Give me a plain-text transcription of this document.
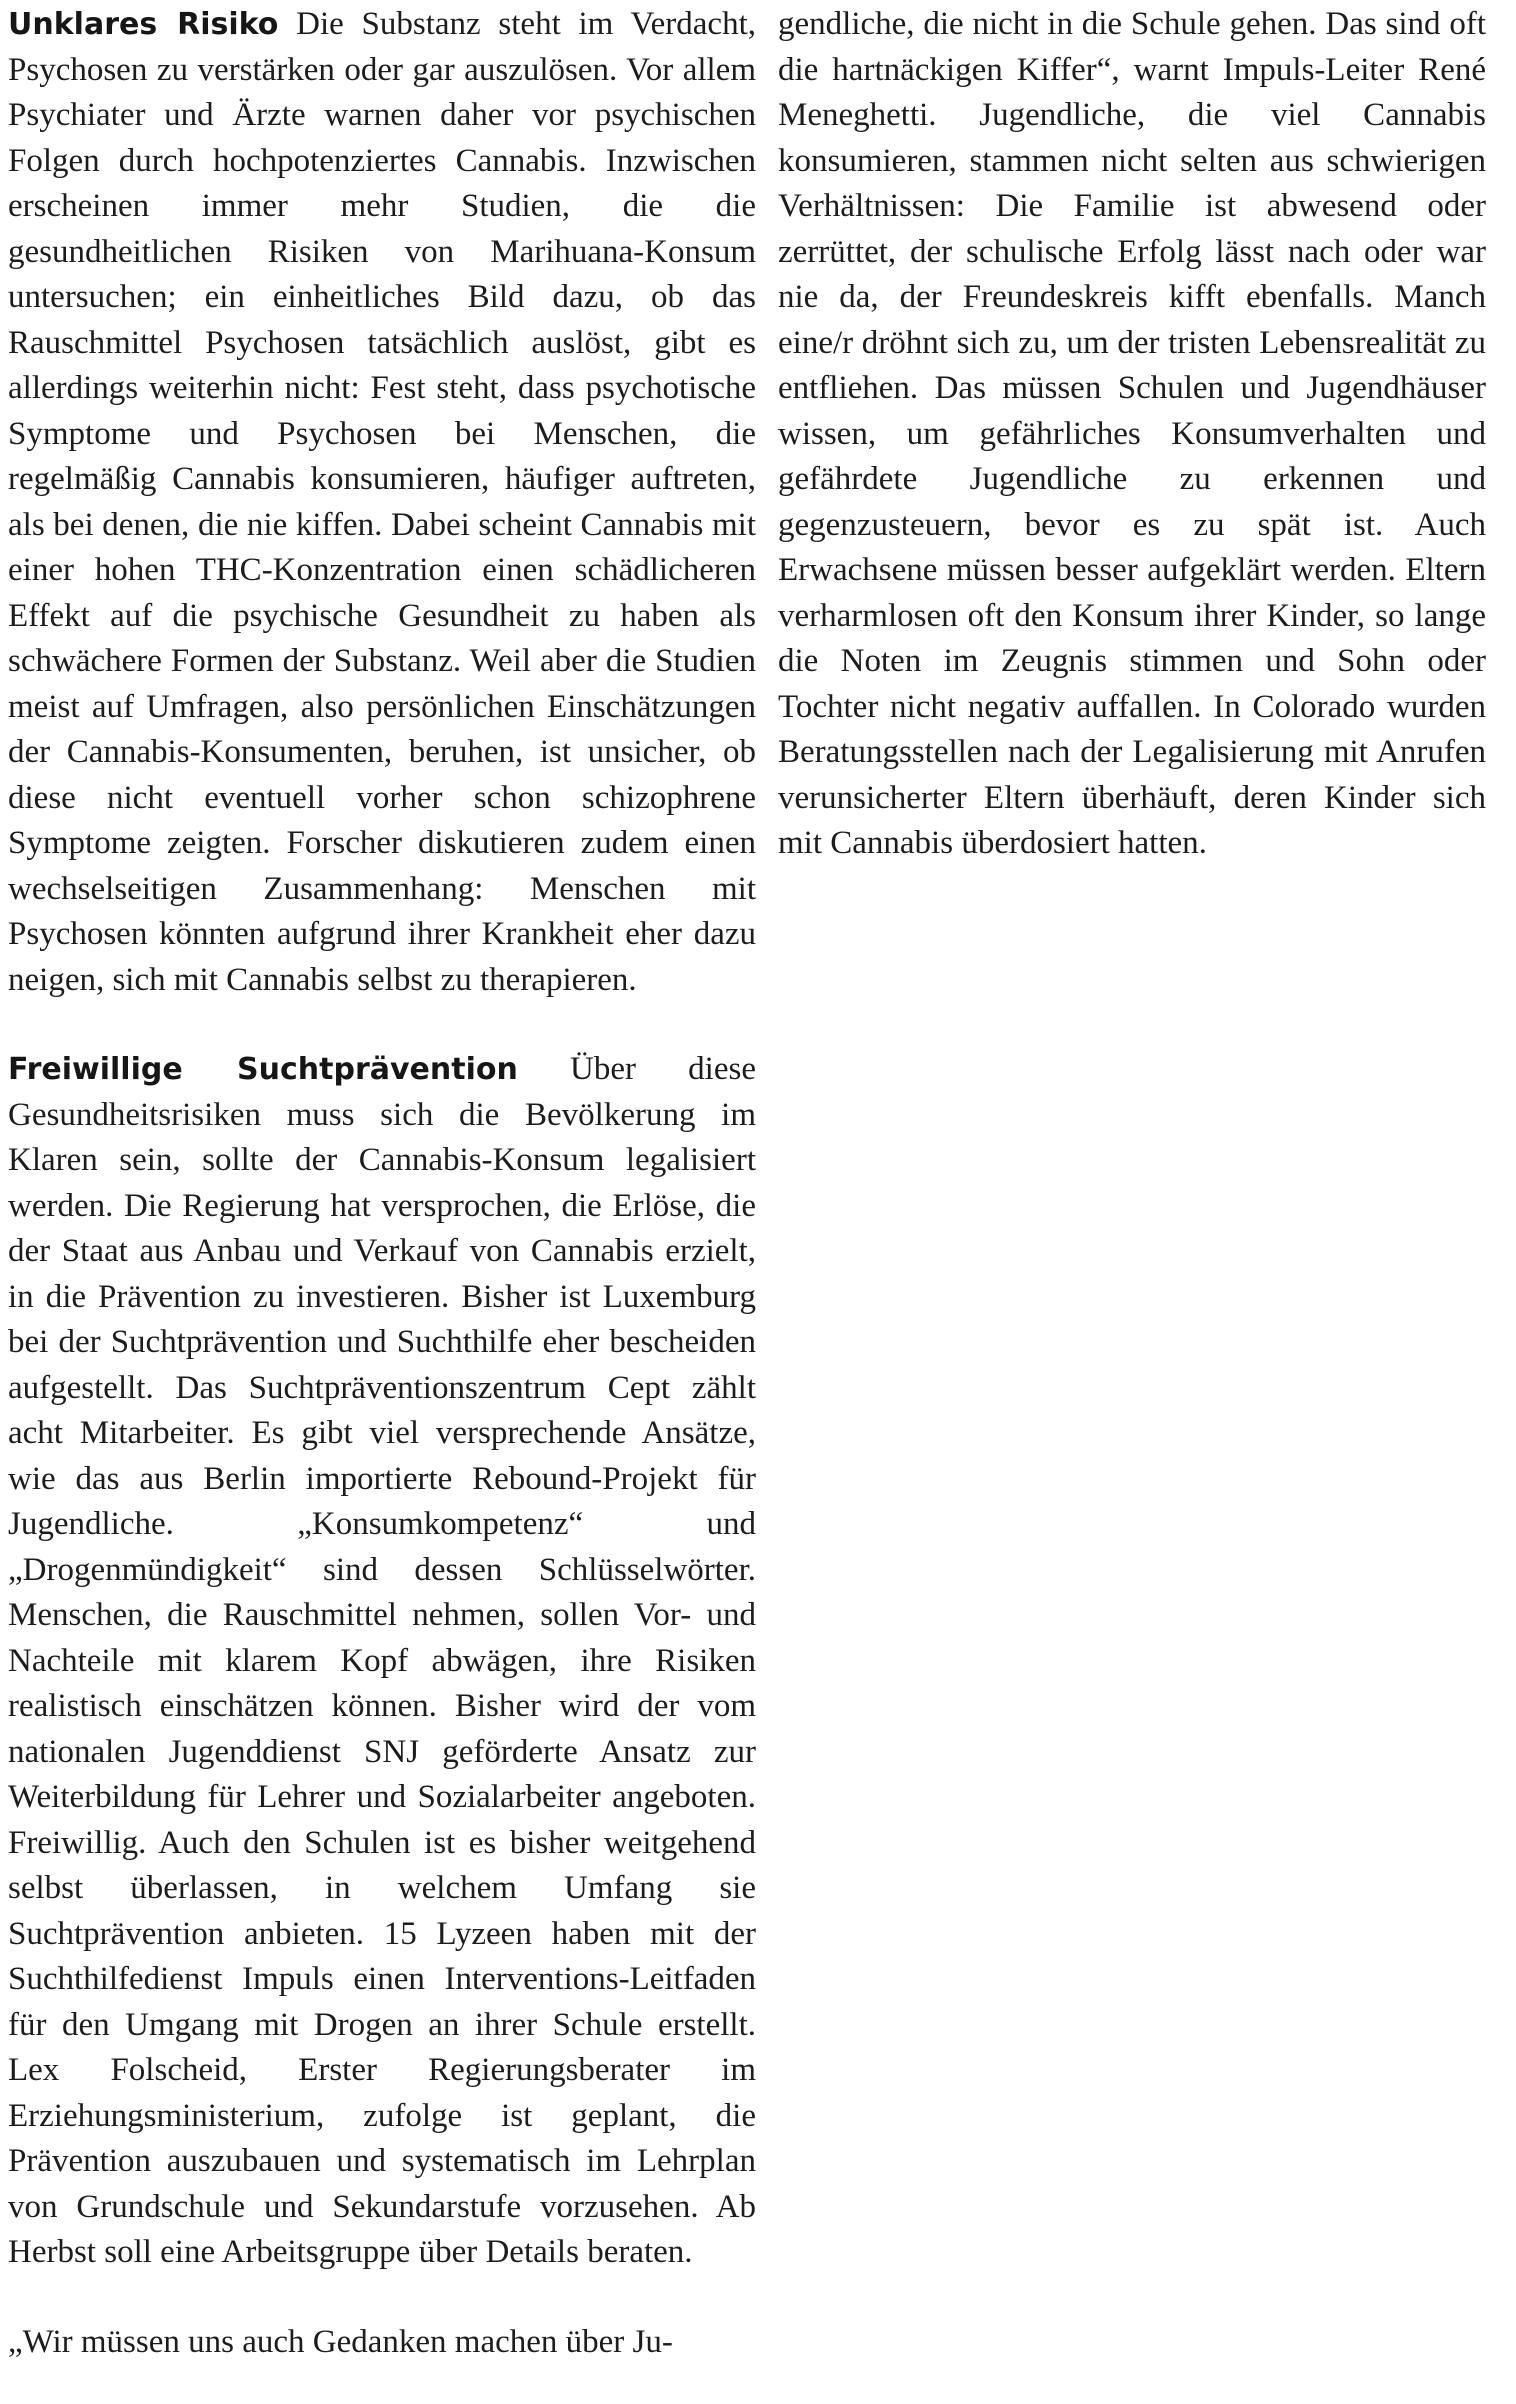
Unklares Risiko Die Substanz steht im Verdacht, Psychosen zu verstärken oder gar auszulösen. Vor allem Psychiater und Ärzte warnen daher vor psychischen Folgen durch hochpotenziertes Cannabis. Inzwischen erscheinen immer mehr Studien, die die gesundheitlichen Risiken von Marihuana-Konsum untersuchen; ein einheitliches Bild dazu, ob das Rauschmittel Psychosen tatsächlich auslöst, gibt es allerdings weiterhin nicht: Fest steht, dass psychotische Symptome und Psychosen bei Menschen, die regelmäßig Cannabis konsumieren, häufiger auftreten, als bei denen, die nie kiffen. Dabei scheint Cannabis mit einer hohen THC-Konzentration einen schädlicheren Effekt auf die psychische Gesundheit zu haben als schwächere Formen der Substanz. Weil aber die Studien meist auf Umfragen, also persönlichen Einschätzungen der Cannabis-Konsumenten, beruhen, ist unsicher, ob diese nicht eventuell vorher schon schizophrene Symptome zeigten. Forscher diskutieren zudem einen wechselseitigen Zusammenhang: Menschen mit Psychosen könnten aufgrund ihrer Krankheit eher dazu neigen, sich mit Cannabis selbst zu therapieren.

Freiwillige Suchtprävention Über diese Gesundheitsrisiken muss sich die Bevölkerung im Klaren sein, sollte der Cannabis-Konsum legalisiert werden. Die Regierung hat versprochen, die Erlöse, die der Staat aus Anbau und Verkauf von Cannabis erzielt, in die Prävention zu investieren. Bisher ist Luxemburg bei der Suchtprävention und Suchthilfe eher bescheiden aufgestellt. Das Suchtpräventionszentrum Cept zählt acht Mitarbeiter. Es gibt viel versprechende Ansätze, wie das aus Berlin importierte Rebound-Projekt für Jugendliche. „Konsumkompetenz“ und „Drogenmündigkeit“ sind dessen Schlüsselwörter. Menschen, die Rauschmittel nehmen, sollen Vor- und Nachteile mit klarem Kopf abwägen, ihre Risiken realistisch einschätzen können. Bisher wird der vom nationalen Jugenddienst SNJ geförderte Ansatz zur Weiterbildung für Lehrer und Sozialarbeiter angeboten. Freiwillig. Auch den Schulen ist es bisher weitgehend selbst überlassen, in welchem Umfang sie Suchtprävention anbieten. 15 Lyzeen haben mit der Suchthilfedienst Impuls einen Interventions-Leitfaden für den Umgang mit Drogen an ihrer Schule erstellt. Lex Folscheid, Erster Regierungsberater im Erziehungsministerium, zufolge ist geplant, die Prävention auszubauen und systematisch im Lehrplan von Grundschule und Sekundarstufe vorzusehen. Ab Herbst soll eine Arbeitsgruppe über Details beraten.

„Wir müssen uns auch Gedanken machen über Ju-

gendliche, die nicht in die Schule gehen. Das sind oft die hartnäckigen Kiffer“, warnt Impuls-Leiter René Meneghetti. Jugendliche, die viel Cannabis konsumieren, stammen nicht selten aus schwierigen Verhältnissen: Die Familie ist abwesend oder zerrüttet, der schulische Erfolg lässt nach oder war nie da, der Freundeskreis kifft ebenfalls. Manch eine/r dröhnt sich zu, um der tristen Lebensrealität zu entfliehen. Das müssen Schulen und Jugendhäuser wissen, um gefährliches Konsumverhalten und gefährdete Jugendliche zu erkennen und gegenzusteuern, bevor es zu spät ist. Auch Erwachsene müssen besser aufgeklärt werden. Eltern verharmlosen oft den Konsum ihrer Kinder, so lange die Noten im Zeugnis stimmen und Sohn oder Tochter nicht negativ auffallen. In Colorado wurden Beratungsstellen nach der Legalisierung mit Anrufen verunsicherter Eltern überhäuft, deren Kinder sich mit Cannabis überdosiert hatten.
